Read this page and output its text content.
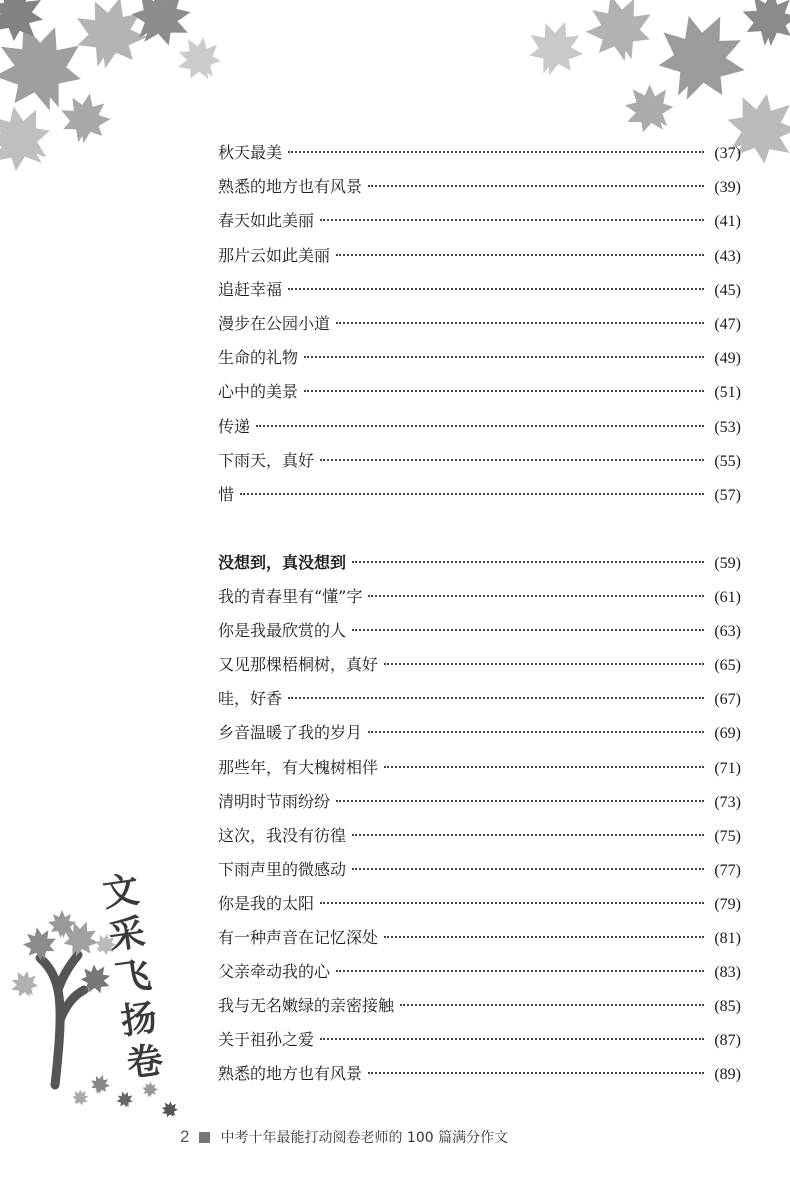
文采飞扬卷
秋天最美	(37)
熟悉的地方也有风景	(39)
春天如此美丽	(41)
那片云如此美丽	(43)
追赶幸福	(45)
漫步在公园小道	(47)
生命的礼物	(49)
心中的美景	(51)
传递	(53)
下雨天，真好	(55)
惜	(57)
没想到，真没想到	(59)
我的青春里有“懂”字	(61)
你是我最欣赏的人	(63)
又见那棵梧桐树，真好	(65)
哇，好香	(67)
乡音温暖了我的岁月	(69)
那些年，有大槐树相伴	(71)
清明时节雨纷纷	(73)
这次，我没有彷徨	(75)
下雨声里的微感动	(77)
你是我的太阳	(79)
有一种声音在记忆深处	(81)
父亲牵动我的心	(83)
我与无名嫩绿的亲密接触	(85)
关于祖孙之爱	(87)
熟悉的地方也有风景	(89)
2 中考十年最能打动阅卷老师的 100 篇满分作文
